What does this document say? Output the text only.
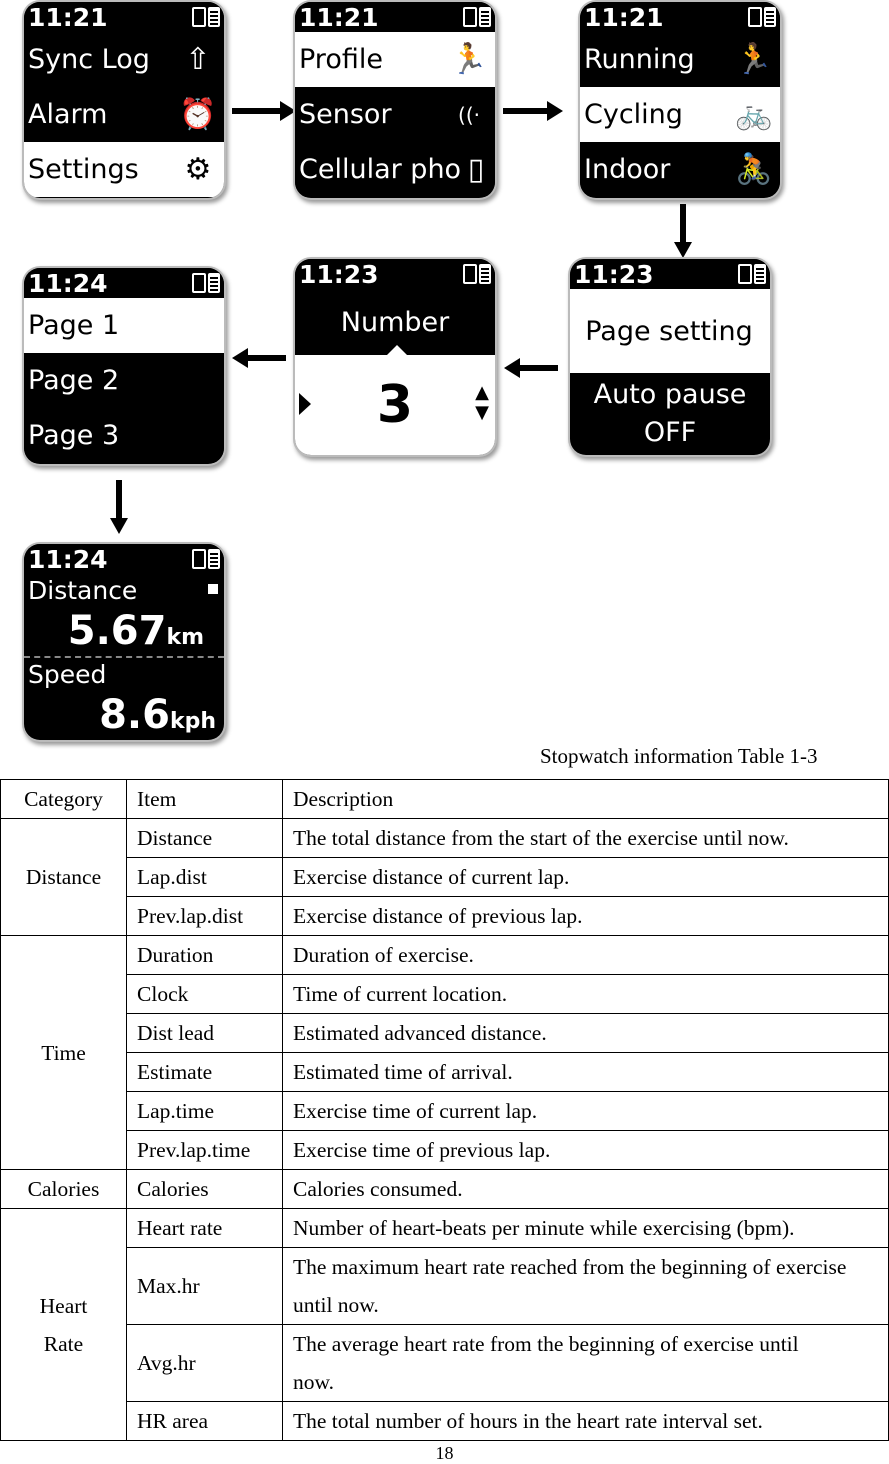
11:21
Sync Log ⇧
Alarm ⏰
Settings ⚙
11:21
Profile 🏃
Sensor	((·
Cellular pho ▯
11:21
Running 🏃
Cycling 🚲
Indoor 🚴
11:23
Page setting
Auto pause
OFF
11:23
Number
3	▲
▼
11:24
Page 1
Page 2
Page 3
11:24
Distance
5.67km
Speed
8.6kph
Stopwatch information Table 1-3
Category	Item	Description
Distance	Distance	The total distance from the start of the exercise until now.
	Lap.dist	Exercise distance of current lap.
	Prev.lap.dist	Exercise distance of previous lap.
Time	Duration	Duration of exercise.
	Clock	Time of current location.
	Dist lead	Estimated advanced distance.
	Estimate	Estimated time of arrival.
	Lap.time	Exercise time of current lap.
	Prev.lap.time	Exercise time of previous lap.
Calories	Calories	Calories consumed.
Heart Rate	Heart rate	Number of heart-beats per minute while exercising (bpm).
	Max.hr	The maximum heart rate reached from the beginning of exercise until now.
	Avg.hr	The average heart rate from the beginning of exercise until now.
	HR area	The total number of hours in the heart rate interval set.
18
